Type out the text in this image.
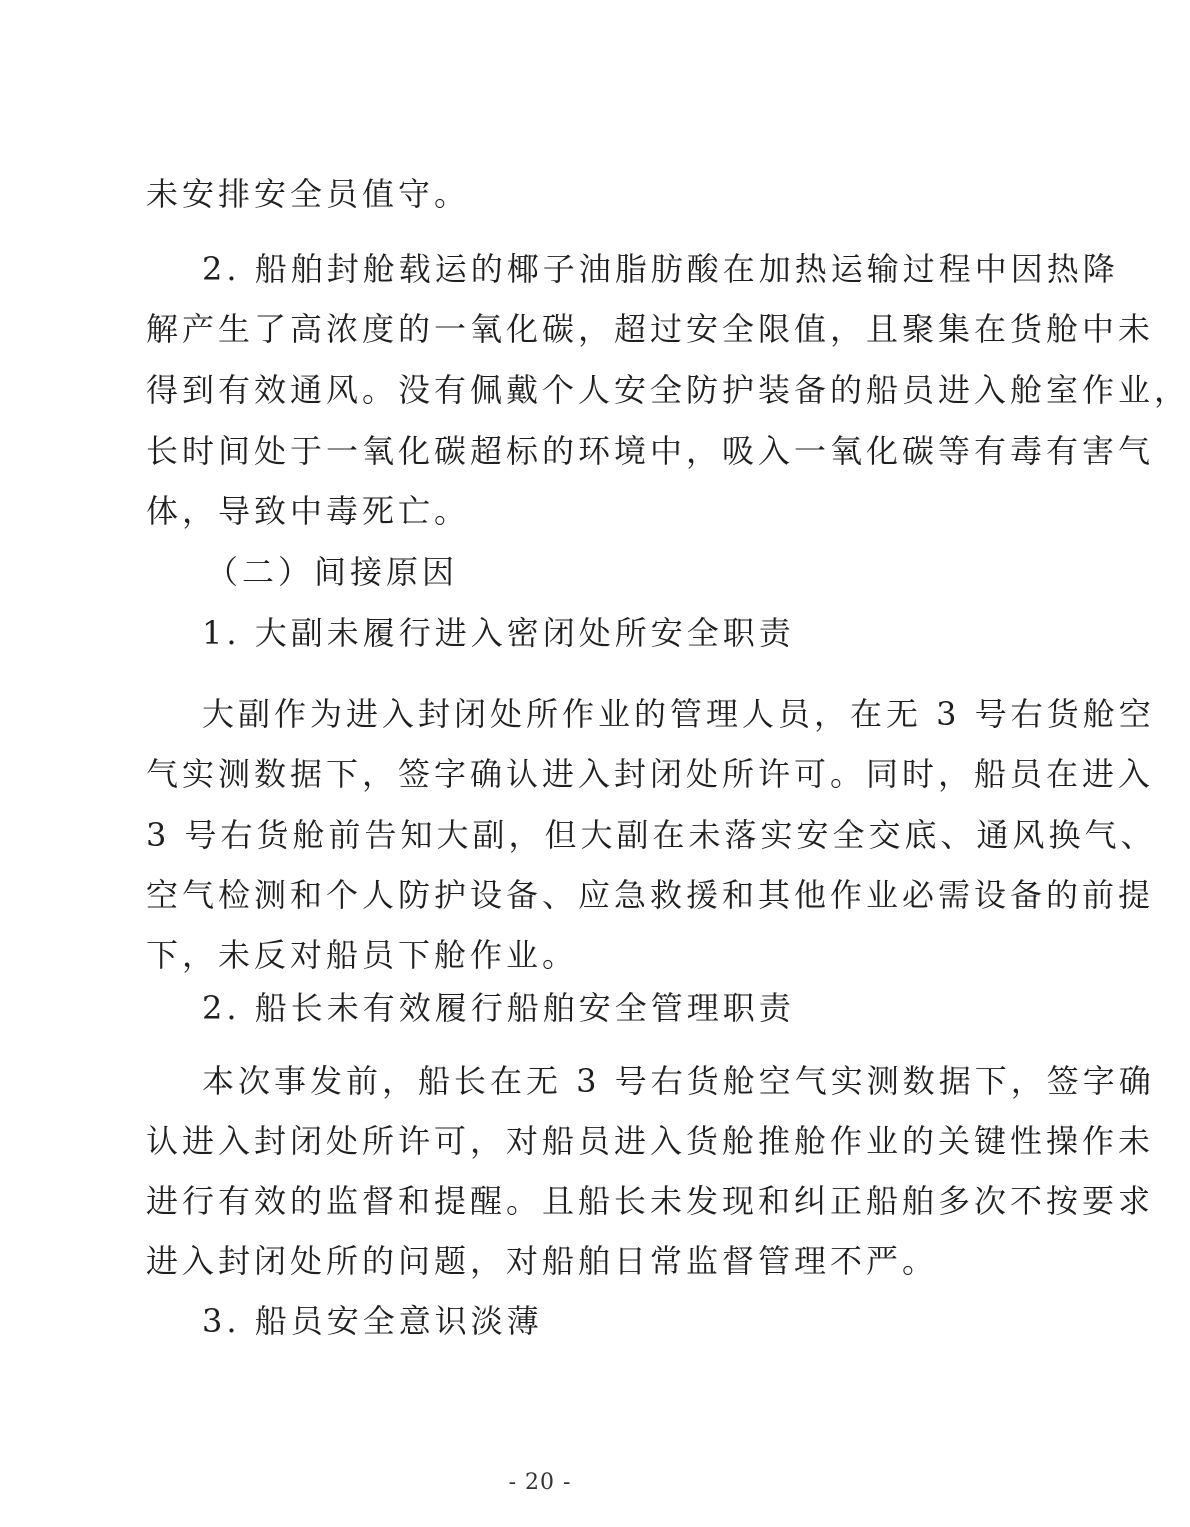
未安排安全员值守。
2. 船舶封舱载运的椰子油脂肪酸在加热运输过程中因热降
解产生了高浓度的一氧化碳，超过安全限值，且聚集在货舱中未
得到有效通风。没有佩戴个人安全防护装备的船员进入舱室作业，
长时间处于一氧化碳超标的环境中，吸入一氧化碳等有毒有害气
体，导致中毒死亡。
（二）间接原因
1. 大副未履行进入密闭处所安全职责
大副作为进入封闭处所作业的管理人员，在无 3 号右货舱空
气实测数据下，签字确认进入封闭处所许可。同时，船员在进入
3 号右货舱前告知大副，但大副在未落实安全交底、通风换气、
空气检测和个人防护设备、应急救援和其他作业必需设备的前提
下，未反对船员下舱作业。
2. 船长未有效履行船舶安全管理职责
本次事发前，船长在无 3 号右货舱空气实测数据下，签字确
认进入封闭处所许可，对船员进入货舱推舱作业的关键性操作未
进行有效的监督和提醒。且船长未发现和纠正船舶多次不按要求
进入封闭处所的问题，对船舶日常监督管理不严。
3. 船员安全意识淡薄
- 20 -
